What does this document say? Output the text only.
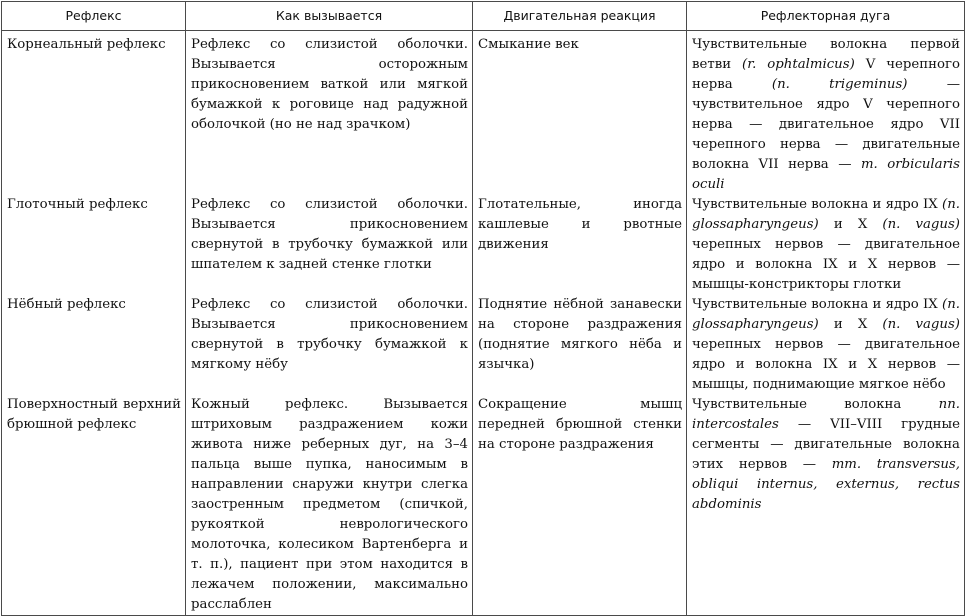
Рефлекс	Как вызывается	Двигательная реакция	Рефлекторная дуга
Корнеальный рефлекс	Рефлекс со слизистой оболочки. Вызывается осторожным прикосновением ваткой или мягкой бумажкой к роговице над радужной оболочкой (но не над зрачком)	Смыкание век	Чувствительные волокна первой ветви (r. ophtalmicus) V черепного нерва (n. trigeminus) — чувствительное ядро V черепного нерва — двигательное ядро VII черепного нерва — двигательные волокна VII нерва — m. orbicularis oculi
Глоточный рефлекс	Рефлекс со слизистой оболочки. Вызывается прикосновением свернутой в трубочку бумажкой или шпателем к задней стенке глотки	Глотательные, иногда кашлевые и рвотные движения	Чувствительные волокна и ядро IX (n. glossapharyngeus) и X (n. vagus) черепных нервов — двигательное ядро и волокна IX и X нервов — мышцы-констрикторы глотки
Нёбный рефлекс	Рефлекс со слизистой оболочки. Вызывается прикосновением свернутой в трубочку бумажкой к мягкому нёбу	Поднятие нёбной занавески на стороне раздражения (поднятие мягкого нёба и язычка)	Чувствительные волокна и ядро IX (n. glossapharyngeus) и X (n. vagus) черепных нервов — двигательное ядро и волокна IX и X нервов — мышцы, поднимающие мягкое нёбо
Поверхностный верхний брюшной рефлекс	Кожный рефлекс. Вызывается штриховым раздражением кожи живота ниже реберных дуг, на 3–4 пальца выше пупка, наносимым в направлении снаружи кнутри слегка заостренным предметом (спичкой, рукояткой неврологического молоточка, колесиком Вартенберга и т. п.), пациент при этом находится в лежачем положении, максимально расслаблен	Сокращение мышц передней брюшной стенки на стороне раздражения	Чувствительные волокна nn. intercostales — VII–VIII грудные сегменты — двигательные волокна этих нервов — mm. transversus, obliqui internus, externus, rectus abdominis
